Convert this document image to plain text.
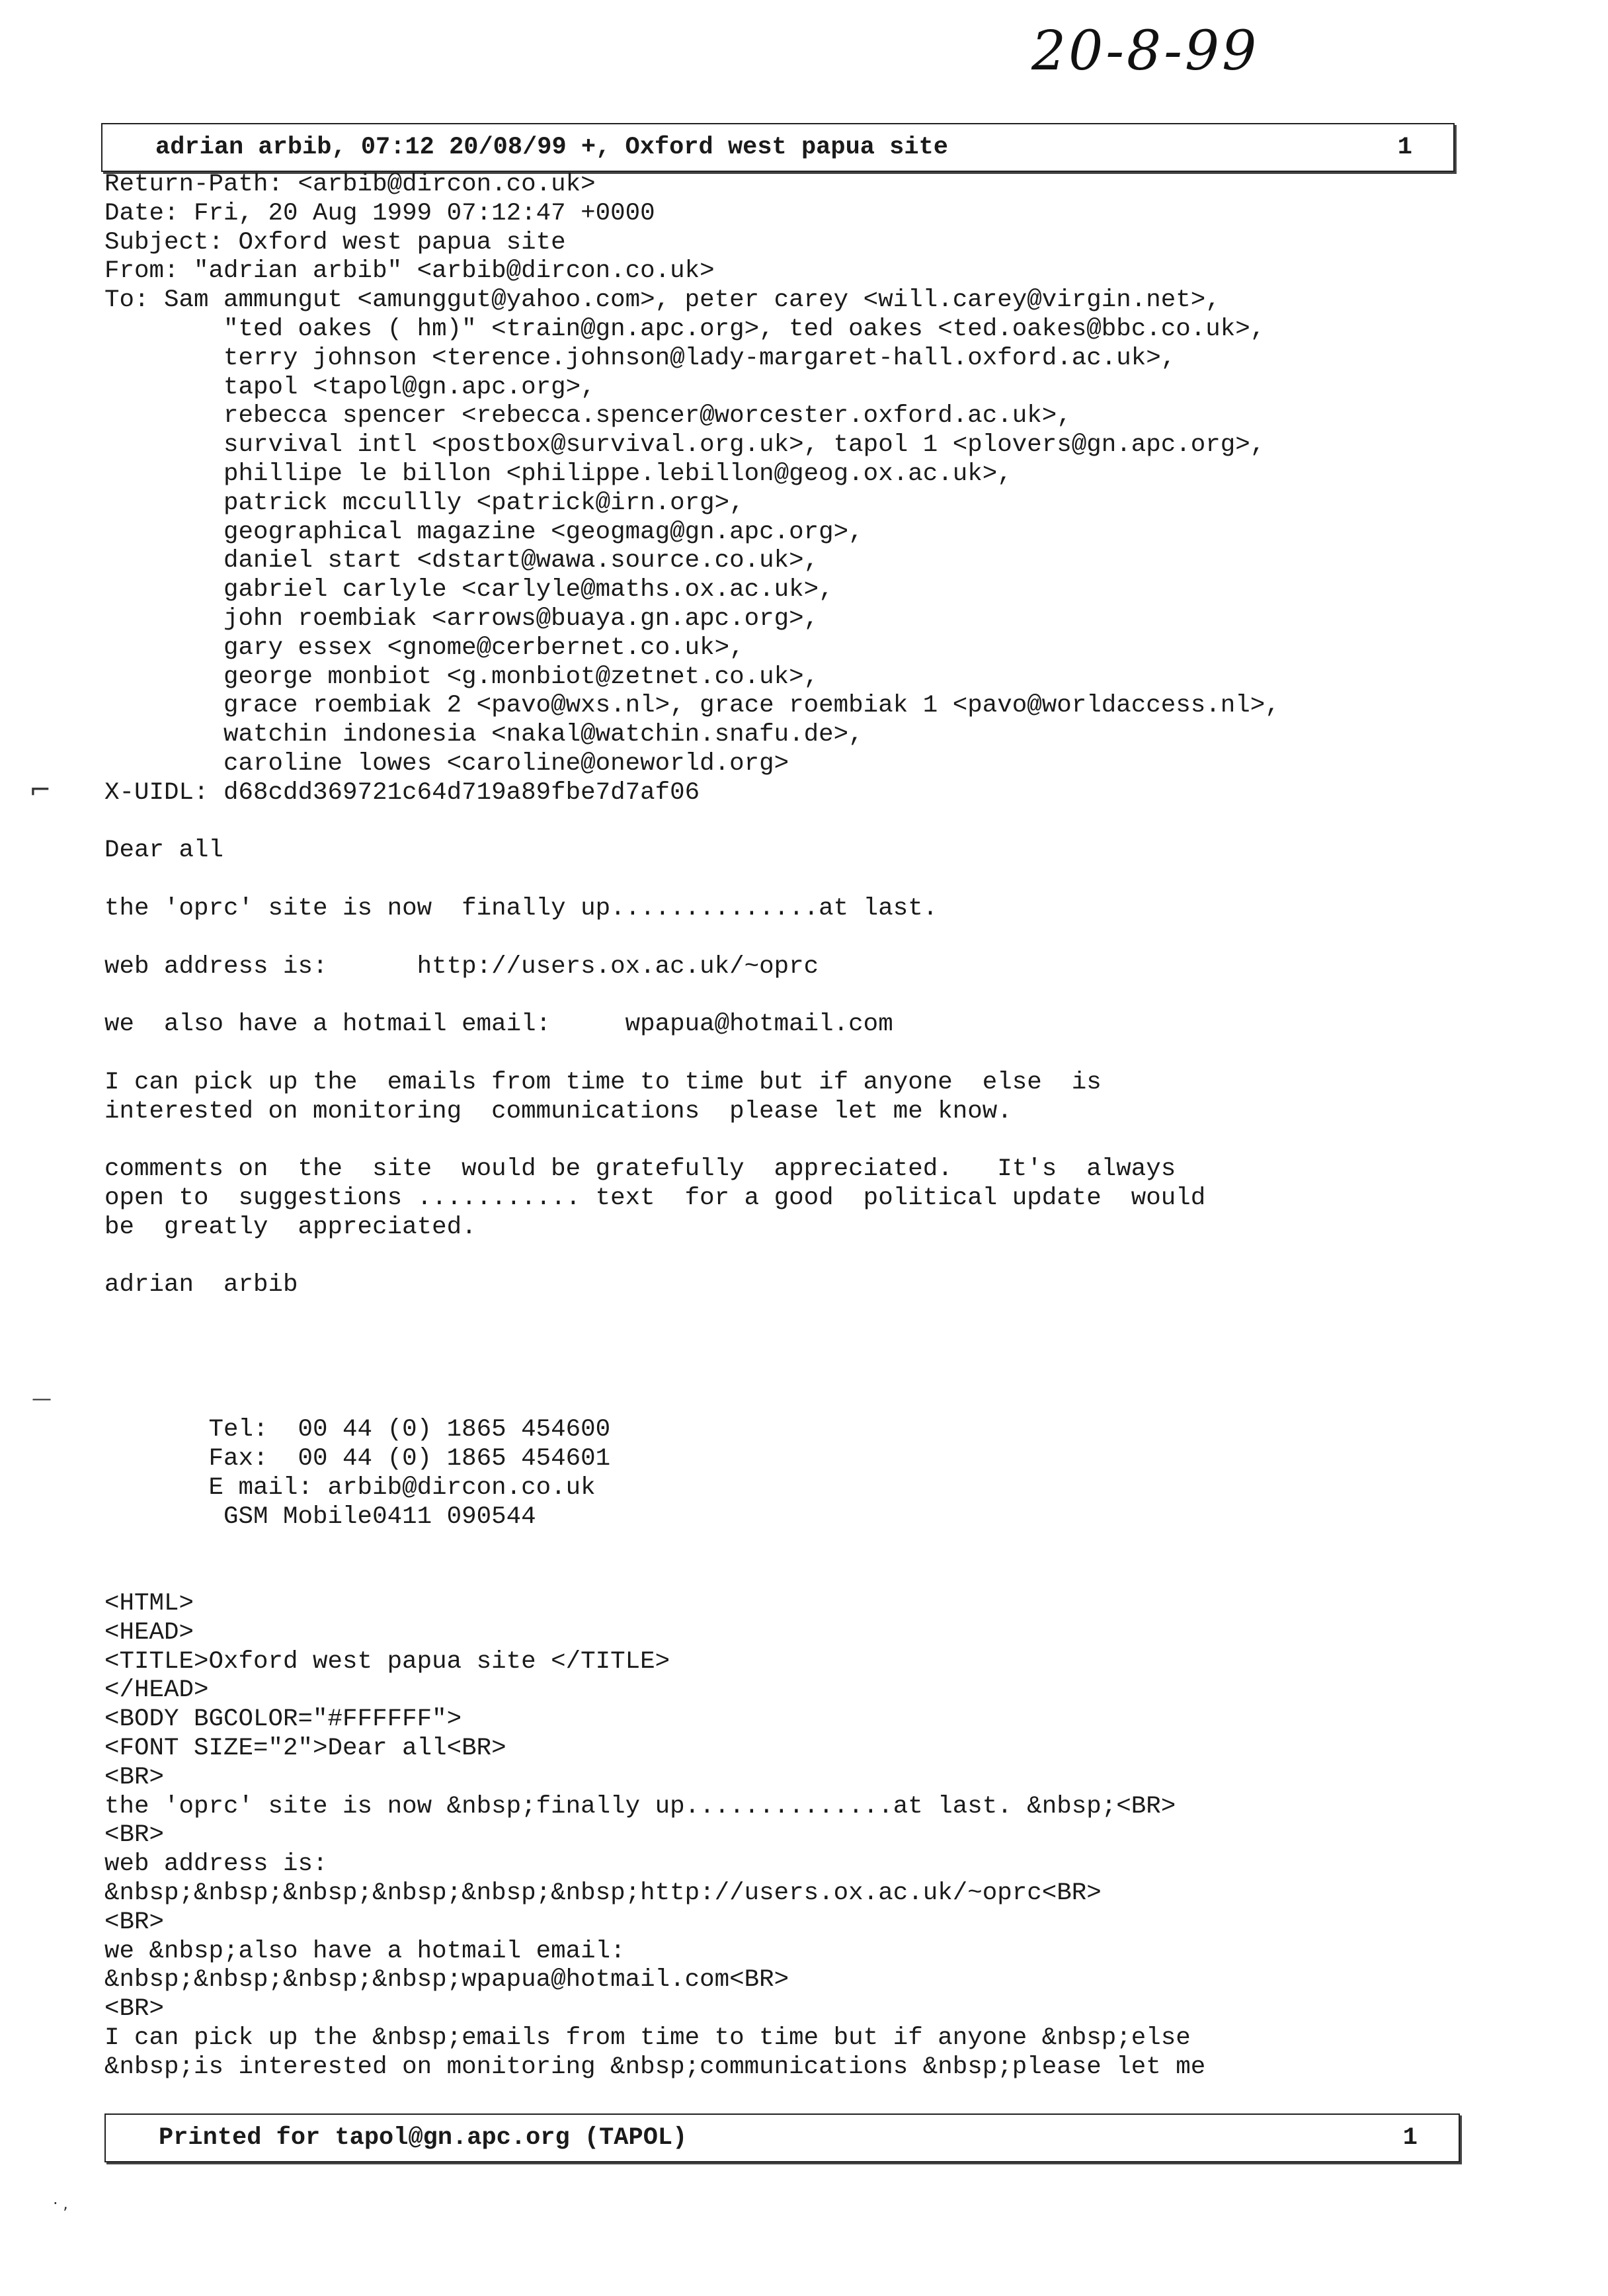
20-8-99
adrian arbib, 07:12 20/08/99 +, Oxford west papua site	1
Return-Path: <arbib@dircon.co.uk>
Date: Fri, 20 Aug 1999 07:12:47 +0000
Subject: Oxford west papua site
From: "adrian arbib" <arbib@dircon.co.uk>
To: Sam ammungut <amunggut@yahoo.com>, peter carey <will.carey@virgin.net>,
"ted oakes ( hm)" <train@gn.apc.org>, ted oakes <ted.oakes@bbc.co.uk>,
terry johnson <terence.johnson@lady-margaret-hall.oxford.ac.uk>,
tapol <tapol@gn.apc.org>,
rebecca spencer <rebecca.spencer@worcester.oxford.ac.uk>,
survival intl <postbox@survival.org.uk>, tapol 1 <plovers@gn.apc.org>,
phillipe le billon <philippe.lebillon@geog.ox.ac.uk>,
patrick mccullly <patrick@irn.org>,
geographical magazine <geogmag@gn.apc.org>,
daniel start <dstart@wawa.source.co.uk>,
gabriel carlyle <carlyle@maths.ox.ac.uk>,
john roembiak <arrows@buaya.gn.apc.org>,
gary essex <gnome@cerbernet.co.uk>,
george monbiot <g.monbiot@zetnet.co.uk>,
grace roembiak 2 <pavo@wxs.nl>, grace roembiak 1 <pavo@worldaccess.nl>,
watchin indonesia <nakal@watchin.snafu.de>,
caroline lowes <caroline@oneworld.org>
X-UIDL: d68cdd369721c64d719a89fbe7d7af06
Dear all
the 'oprc' site is now  finally up..............at last.
web address is:      http://users.ox.ac.uk/~oprc
we  also have a hotmail email:     wpapua@hotmail.com
I can pick up the  emails from time to time but if anyone  else  is
interested on monitoring  communications  please let me know.
comments on  the  site  would be gratefully  appreciated.   It's  always
open to  suggestions ........... text  for a good  political update  would
be  greatly  appreciated.
adrian  arbib
Tel:  00 44 (0) 1865 454600
Fax:  00 44 (0) 1865 454601
E mail: arbib@dircon.co.uk
GSM Mobile0411 090544
<HTML>
<HEAD>
<TITLE>Oxford west papua site </TITLE>
</HEAD>
<BODY BGCOLOR="#FFFFFF">
<FONT SIZE="2">Dear all<BR>
<BR>
the 'oprc' site is now &nbsp;finally up..............at last. &nbsp;<BR>
<BR>
web address is:
&nbsp;&nbsp;&nbsp;&nbsp;&nbsp;&nbsp;http://users.ox.ac.uk/~oprc<BR>
<BR>
we &nbsp;also have a hotmail email:
&nbsp;&nbsp;&nbsp;&nbsp;wpapua@hotmail.com<BR>
<BR>
I can pick up the &nbsp;emails from time to time but if anyone &nbsp;else
&nbsp;is interested on monitoring &nbsp;communications &nbsp;please let me
Printed for tapol@gn.apc.org (TAPOL)	1
⌐
—
· ,
